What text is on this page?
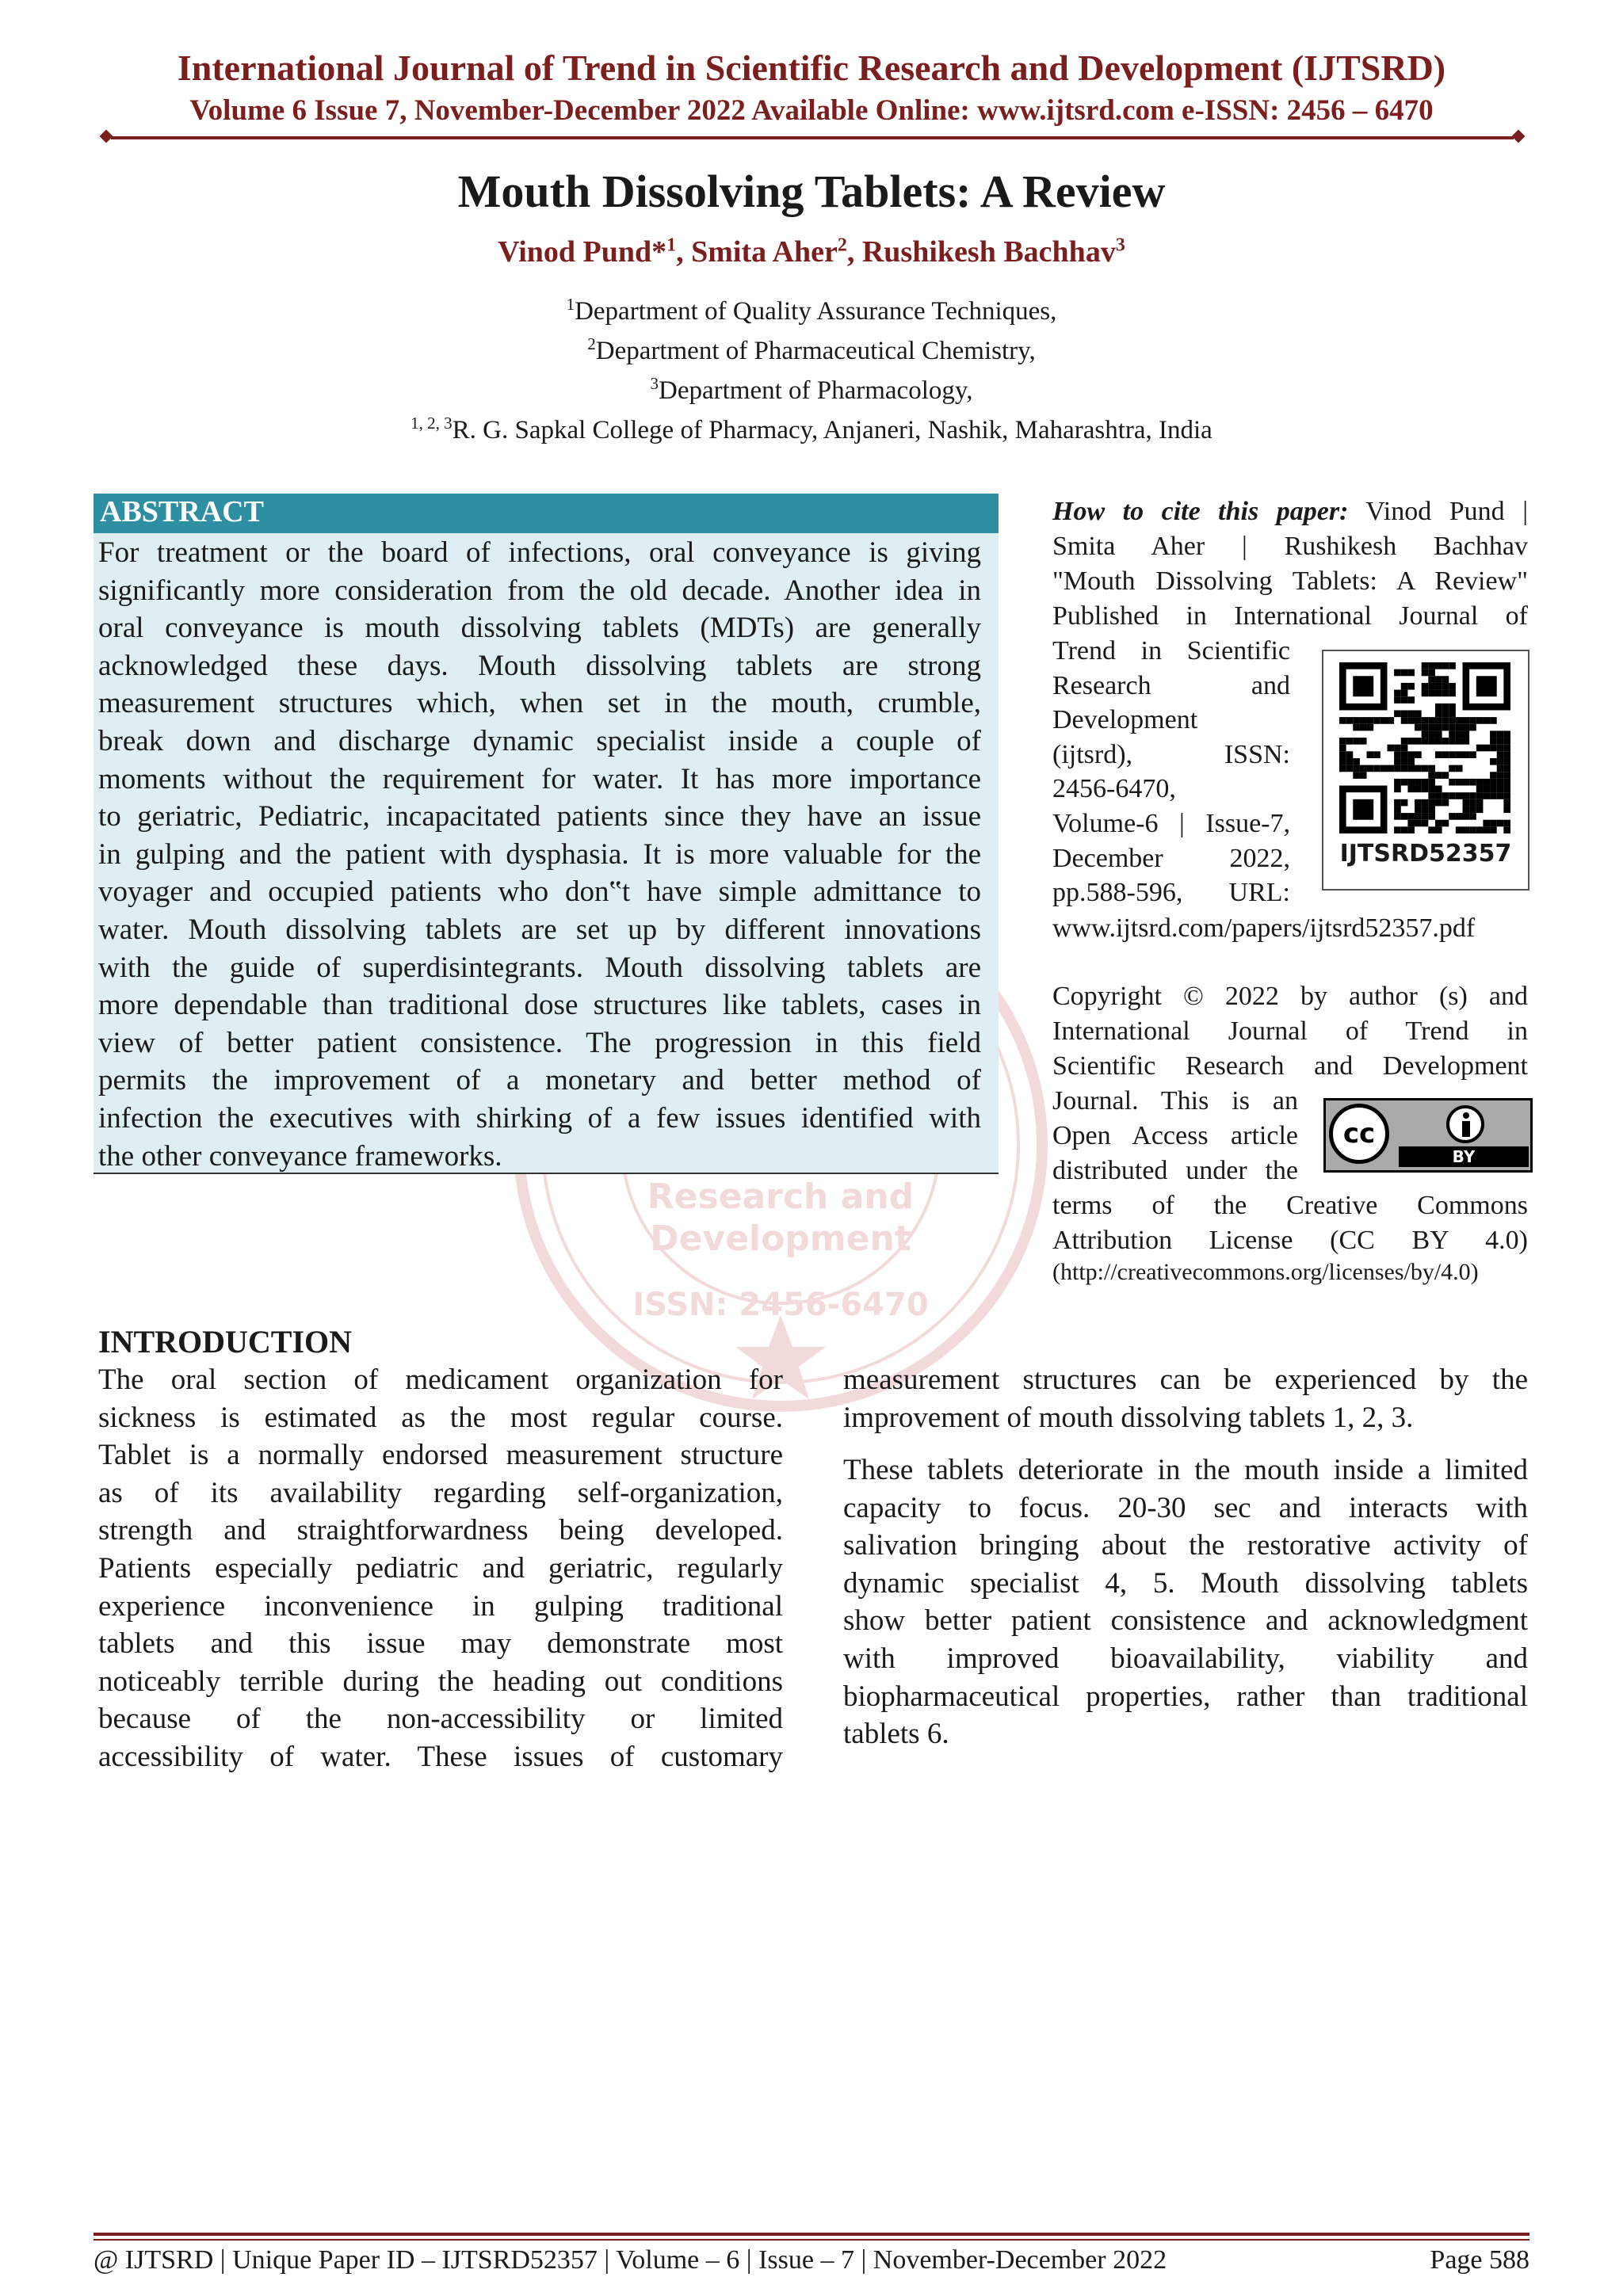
International Journal of Trend in Scientific Research and Development (IJTSRD)
Volume 6 Issue 7, November-December 2022 Available Online: www.ijtsrd.com e-ISSN: 2456 – 6470
Mouth Dissolving Tablets: A Review
Vinod Pund*$^1$, Smita Aher$^2$, Rushikesh Bachhav$^3$
$^1$Department of Quality Assurance Techniques,
$^2$Department of Pharmaceutical Chemistry,
$^3$Department of Pharmacology,
$^{1, 2, 3}$R. G. Sapkal College of Pharmacy, Anjaneri, Nashik, Maharashtra, India
Research and
Development
ISSN: 2456-6470
ABSTRACT
For treatment or the board of infections, oral conveyance is giving
significantly more consideration from the old decade. Another idea in
oral conveyance is mouth dissolving tablets (MDTs) are generally
acknowledged these days. Mouth dissolving tablets are strong
measurement structures which, when set in the mouth, crumble,
break down and discharge dynamic specialist inside a couple of
moments without the requirement for water. It has more importance
to geriatric, Pediatric, incapacitated patients since they have an issue
in gulping and the patient with dysphasia. It is more valuable for the
voyager and occupied patients who don‟t have simple admittance to
water. Mouth dissolving tablets are set up by different innovations
with the guide of superdisintegrants. Mouth dissolving tablets are
more dependable than traditional dose structures like tablets, cases in
view of better patient consistence. The progression in this field
permits the improvement of a monetary and better method of
infection the executives with shirking of a few issues identified with
the other conveyance frameworks.
How to cite this paper: Vinod Pund |
Smita Aher | Rushikesh Bachhav
"Mouth Dissolving Tablets: A Review"
Published in International Journal of
Trend in Scientific
Research and
Development
(ijtsrd), ISSN:
2456-6470,
Volume-6 | Issue-7,
December 2022,
pp.588-596, URL:
www.ijtsrd.com/papers/ijtsrd52357.pdf
IJTSRD52357
Copyright © 2022 by author (s) and
International Journal of Trend in
Scientific Research and Development
Journal. This is an
Open Access article
distributed under the
terms of the Creative Commons
Attribution License (CC BY 4.0)
(http://creativecommons.org/licenses/by/4.0)
cc
BY
INTRODUCTION
The oral section of medicament organization for
sickness is estimated as the most regular course.
Tablet is a normally endorsed measurement structure
as of its availability regarding self-organization,
strength and straightforwardness being developed.
Patients especially pediatric and geriatric, regularly
experience inconvenience in gulping traditional
tablets and this issue may demonstrate most
noticeably terrible during the heading out conditions
because of the non-accessibility or limited
accessibility of water. These issues of customary
measurement structures can be experienced by the
improvement of mouth dissolving tablets 1, 2, 3.
These tablets deteriorate in the mouth inside a limited
capacity to focus. 20-30 sec and interacts with
salivation bringing about the restorative activity of
dynamic specialist 4, 5. Mouth dissolving tablets
show better patient consistence and acknowledgment
with improved bioavailability, viability and
biopharmaceutical properties, rather than traditional
tablets 6.
@ IJTSRD | Unique Paper ID – IJTSRD52357 | Volume – 6 | Issue – 7 | November-December 2022	Page 588
